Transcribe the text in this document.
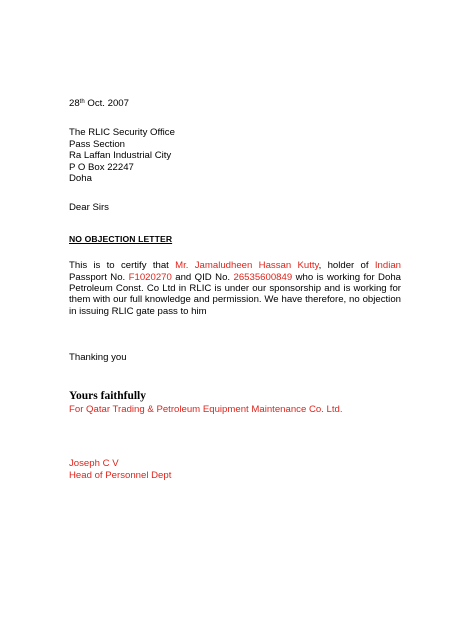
28th Oct. 2007
The RLIC Security Office
Pass Section
Ra Laffan Industrial City
P O Box 22247
Doha
Dear Sirs
NO OBJECTION LETTER
This is to certify that Mr. Jamaludheen Hassan Kutty, holder of Indian Passport No. F1020270 and QID No. 26535600849 who is working for Doha Petroleum Const. Co Ltd in RLIC is under our sponsorship and is working for them with our full knowledge and permission. We have therefore, no objection in issuing RLIC gate pass to him
Thanking you
Yours faithfully
For Qatar Trading & Petroleum Equipment Maintenance Co. Ltd.
Joseph C V
Head of Personnel Dept
